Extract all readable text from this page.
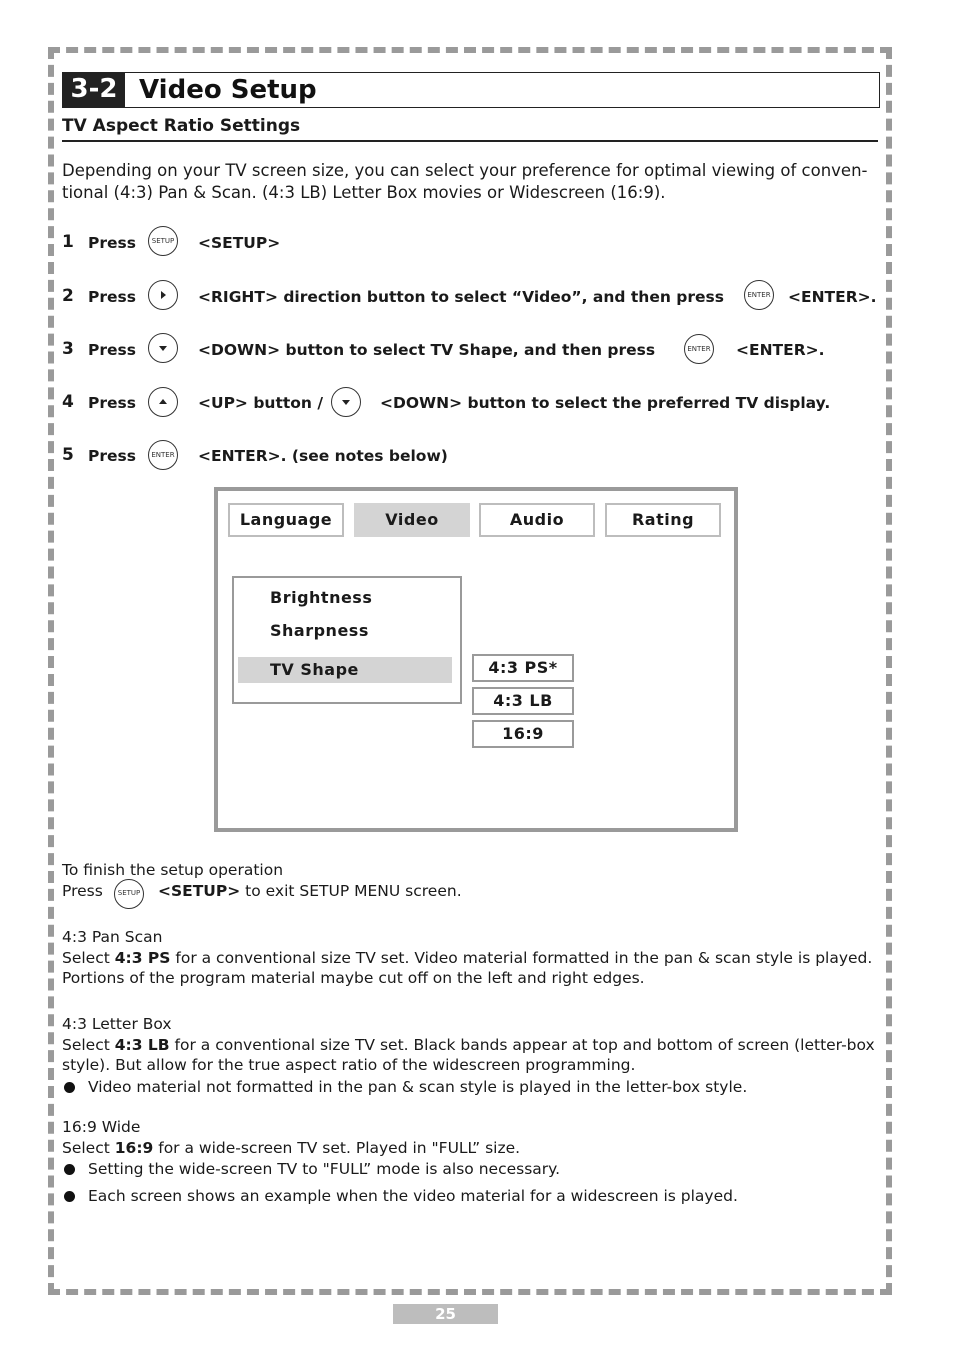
3-2 Video Setup
TV Aspect Ratio Settings
Depending on your TV screen size, you can select your preference for optimal viewing of conven-tional (4:3) Pan & Scan. (4:3 LB) Letter Box movies or Widescreen (16:9).
1 Press	SETUP <SETUP>
2 Press	<RIGHT> direction button to select “Video”, and then press	ENTER <ENTER>.
3 Press	<DOWN> button to select TV Shape, and then press	ENTER <ENTER>.
4 Press	<UP> button /	<DOWN> button to select the preferred TV display.
5 Press	ENTER <ENTER>. (see notes below)
Language	Video	Audio	Rating
Brightness
Sharpness
TV Shape	4:3 PS*
4:3 LB
16:9
To finish the setup operation
Press	SETUP <SETUP> to exit SETUP MENU screen.
4:3 Pan Scan
Select 4:3 PS for a conventional size TV set. Video material formatted in the pan & scan style is played. Portions of the program material maybe cut off on the left and right edges.
4:3 Letter Box
Select 4:3 LB for a conventional size TV set. Black bands appear at top and bottom of screen (letter-box style). But allow for the true aspect ratio of the widescreen programming.
Video material not formatted in the pan & scan style is played in the letter-box style.
16:9 Wide
Select 16:9 for a wide-screen TV set. Played in "FULL” size.
Setting the wide-screen TV to "FULL” mode is also necessary.
Each screen shows an example when the video material for a widescreen is played.
25
